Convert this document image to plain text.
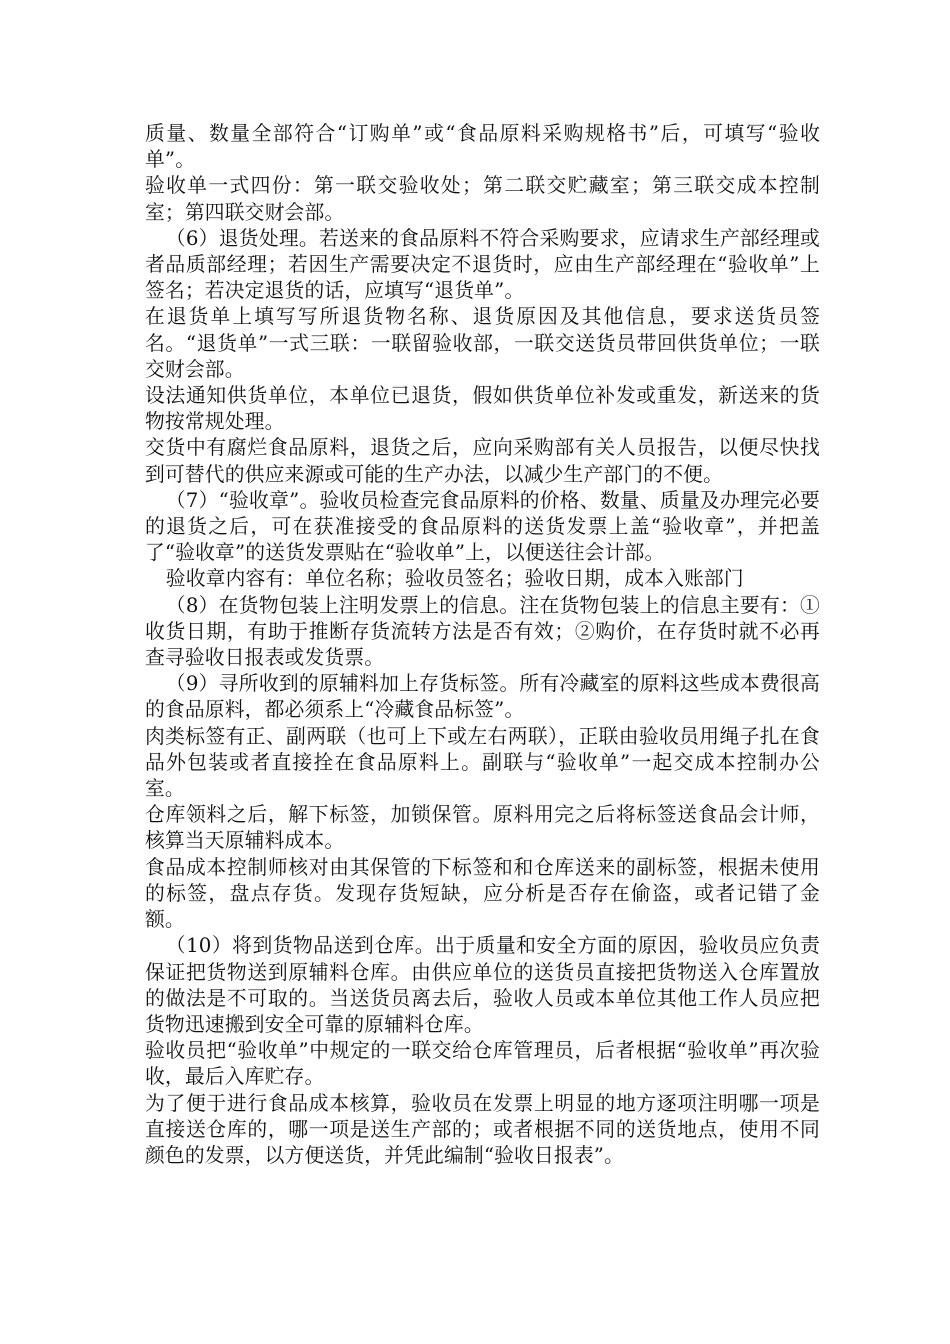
质量、数量全部符合“订购单”或“食品原料采购规格书”后，可填写“验收单”。

验收单一式四份：第一联交验收处；第二联交贮藏室；第三联交成本控制室；第四联交财会部。

（6）退货处理。若送来的食品原料不符合采购要求，应请求生产部经理或者品质部经理；若因生产需要决定不退货时，应由生产部经理在“验收单”上签名；若决定退货的话，应填写“退货单”。

在退货单上填写写所退货物名称、退货原因及其他信息，要求送货员签名。“退货单”一式三联：一联留验收部，一联交送货员带回供货单位；一联交财会部。

设法通知供货单位，本单位已退货，假如供货单位补发或重发，新送来的货物按常规处理。

交货中有腐烂食品原料，退货之后，应向采购部有关人员报告，以便尽快找到可替代的供应来源或可能的生产办法，以减少生产部门的不便。

（7）“验收章”。验收员检查完食品原料的价格、数量、质量及办理完必要的退货之后，可在获准接受的食品原料的送货发票上盖“验收章”，并把盖了“验收章”的送货发票贴在“验收单”上，以便送往会计部。

验收章内容有：单位名称；验收员签名；验收日期，成本入账部门

（8）在货物包装上注明发票上的信息。注在货物包装上的信息主要有：①收货日期，有助于推断存货流转方法是否有效；②购价，在存货时就不必再查寻验收日报表或发货票。

（9）寻所收到的原辅料加上存货标签。所有冷藏室的原料这些成本费很高的食品原料，都必须系上“冷藏食品标签”。

肉类标签有正、副两联（也可上下或左右两联），正联由验收员用绳子扎在食品外包装或者直接拴在食品原料上。副联与“验收单”一起交成本控制办公室。

仓库领料之后，解下标签，加锁保管。原料用完之后将标签送食品会计师，核算当天原辅料成本。

食品成本控制师核对由其保管的下标签和和仓库送来的副标签，根据未使用的标签，盘点存货。发现存货短缺，应分析是否存在偷盗，或者记错了金额。

（10）将到货物品送到仓库。出于质量和安全方面的原因，验收员应负责保证把货物送到原辅料仓库。由供应单位的送货员直接把货物送入仓库置放的做法是不可取的。当送货员离去后，验收人员或本单位其他工作人员应把货物迅速搬到安全可靠的原辅料仓库。

验收员把“验收单”中规定的一联交给仓库管理员，后者根据“验收单”再次验收，最后入库贮存。

为了便于进行食品成本核算，验收员在发票上明显的地方逐项注明哪一项是直接送仓库的，哪一项是送生产部的；或者根据不同的送货地点，使用不同颜色的发票，以方便送货，并凭此编制“验收日报表”。
